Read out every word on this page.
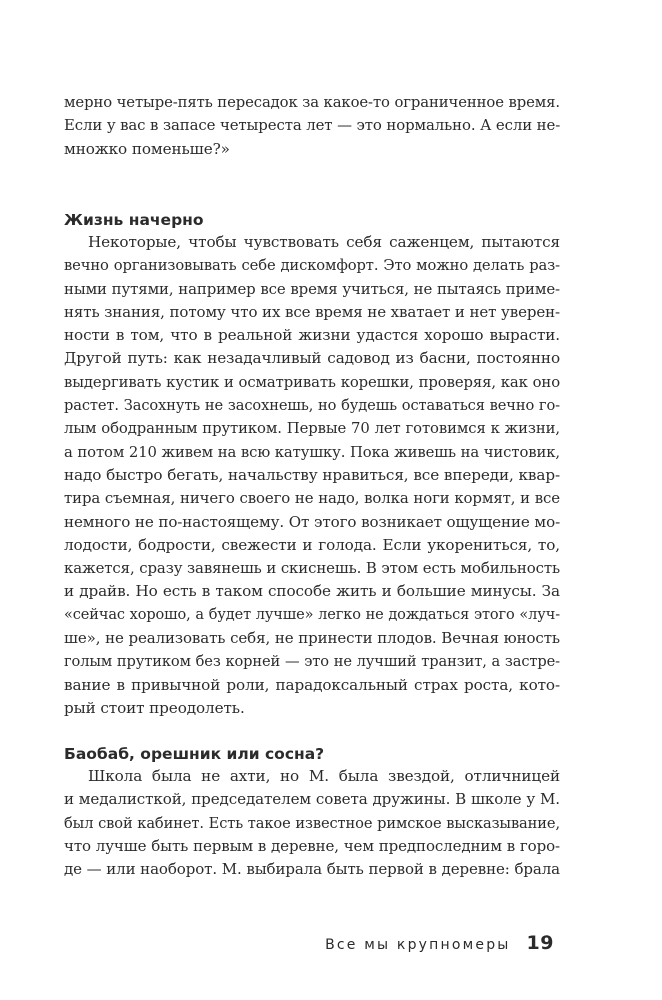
мерно четыре-пять пересадок за какое-то ограниченное время.
Если у вас в запасе четыреста лет — это нормально. А если не-
множко поменьше?»
Жизнь начерно
Некоторые, чтобы чувствовать себя саженцем, пытаются
вечно организовывать себе дискомфорт. Это можно делать раз-
ными путями, например все время учиться, не пытаясь приме-
нять знания, потому что их все время не хватает и нет уверен-
ности в том, что в реальной жизни удастся хорошо вырасти.
Другой путь: как незадачливый садовод из басни, постоянно
выдергивать кустик и осматривать корешки, проверяя, как оно
растет. Засохнуть не засохнешь, но будешь оставаться вечно го-
лым ободранным прутиком. Первые 70 лет готовимся к жизни,
а потом 210 живем на всю катушку. Пока живешь на чистовик,
надо быстро бегать, начальству нравиться, все впереди, квар-
тира съемная, ничего своего не надо, волка ноги кормят, и все
немного не по-настоящему. От этого возникает ощущение мо-
лодости, бодрости, свежести и голода. Если укорениться, то,
кажется, сразу завянешь и скиснешь. В этом есть мобильность
и драйв. Но есть в таком способе жить и большие минусы. За
«сейчас хорошо, а будет лучше» легко не дождаться этого «луч-
ше», не реализовать себя, не принести плодов. Вечная юность
голым прутиком без корней — это не лучший транзит, а застре-
вание в привычной роли, парадоксальный страх роста, кото-
рый стоит преодолеть.
Баобаб, орешник или сосна?
Школа была не ахти, но М. была звездой, отличницей
и медалисткой, председателем совета дружины. В школе у М.
был свой кабинет. Есть такое известное римское высказывание,
что лучше быть первым в деревне, чем предпоследним в горо-
де — или наоборот. М. выбирала быть первой в деревне: брала
Все мы крупномеры 19
